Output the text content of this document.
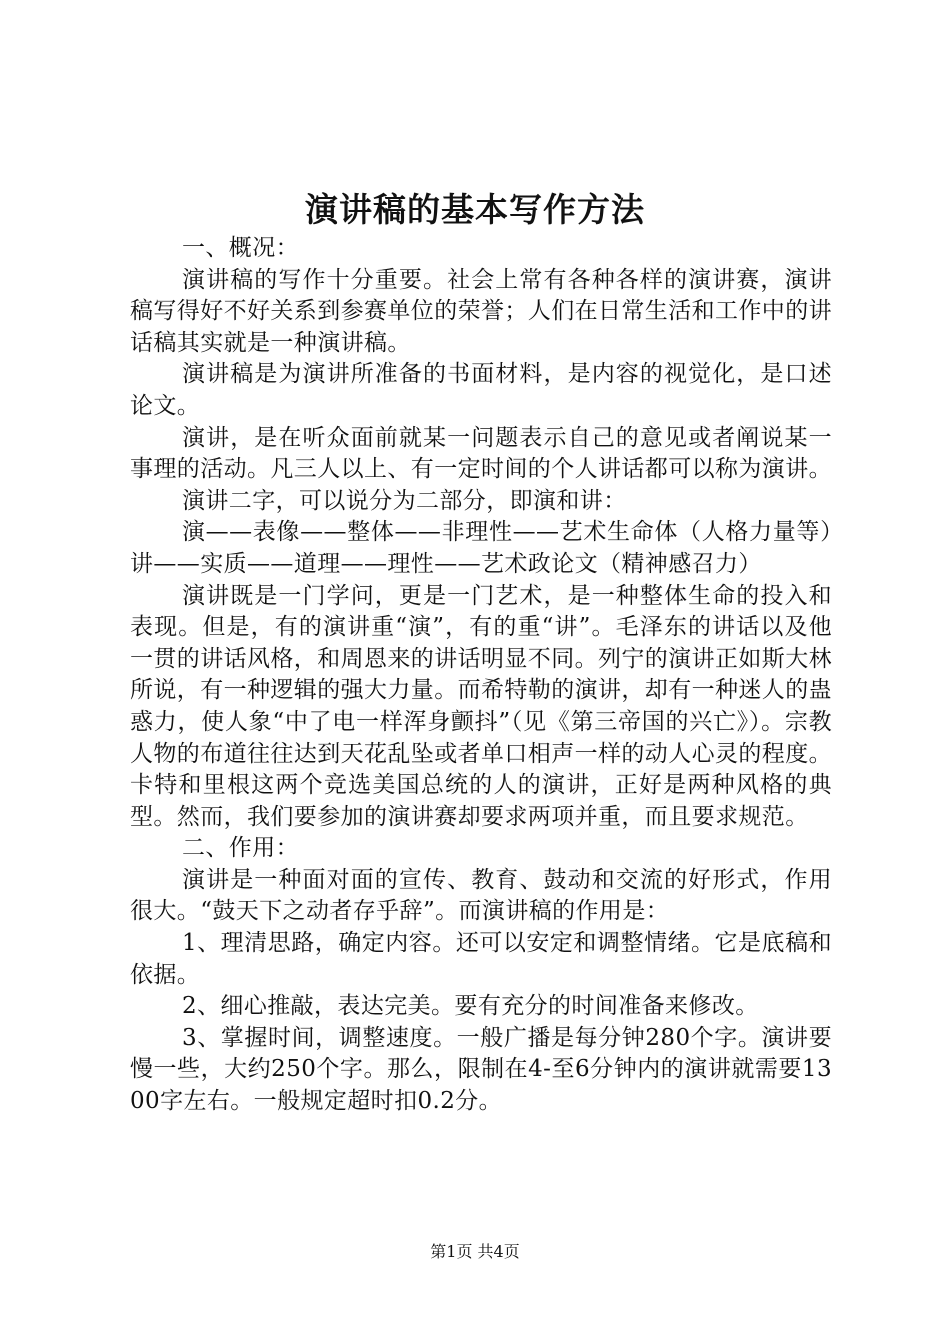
演讲稿的基本写作方法

一、概况：

演讲稿的写作十分重要。社会上常有各种各样的演讲赛，演讲稿写得好不好关系到参赛单位的荣誉；人们在日常生活和工作中的讲话稿其实就是一种演讲稿。

演讲稿是为演讲所准备的书面材料，是内容的视觉化，是口述论文。

演讲，是在听众面前就某一问题表示自己的意见或者阐说某一事理的活动。凡三人以上、有一定时间的个人讲话都可以称为演讲。

演讲二字，可以说分为二部分，即演和讲：

演——表像——整体——非理性——艺术生命体（人格力量等）讲——实质——道理——理性——艺术政论文（精神感召力）

演讲既是一门学问，更是一门艺术，是一种整体生命的投入和表现。但是，有的演讲重“演”，有的重“讲”。毛泽东的讲话以及他一贯的讲话风格，和周恩来的讲话明显不同。列宁的演讲正如斯大林所说，有一种逻辑的强大力量。而希特勒的演讲，却有一种迷人的蛊惑力，使人象“中了电一样浑身颤抖”（见《第三帝国的兴亡》）。宗教人物的布道往往达到天花乱坠或者单口相声一样的动人心灵的程度。卡特和里根这两个竞选美国总统的人的演讲，正好是两种风格的典型。然而，我们要参加的演讲赛却要求两项并重，而且要求规范。

二、作用：

演讲是一种面对面的宣传、教育、鼓动和交流的好形式，作用很大。“鼓天下之动者存乎辞”。而演讲稿的作用是：

1、理清思路，确定内容。还可以安定和调整情绪。它是底稿和依据。

2、细心推敲，表达完美。要有充分的时间准备来修改。

3、掌握时间，调整速度。一般广播是每分钟280个字。演讲要慢一些，大约250个字。那么，限制在4-至6分钟内的演讲就需要1300字左右。一般规定超时扣0.2分。

第1页 共4页
